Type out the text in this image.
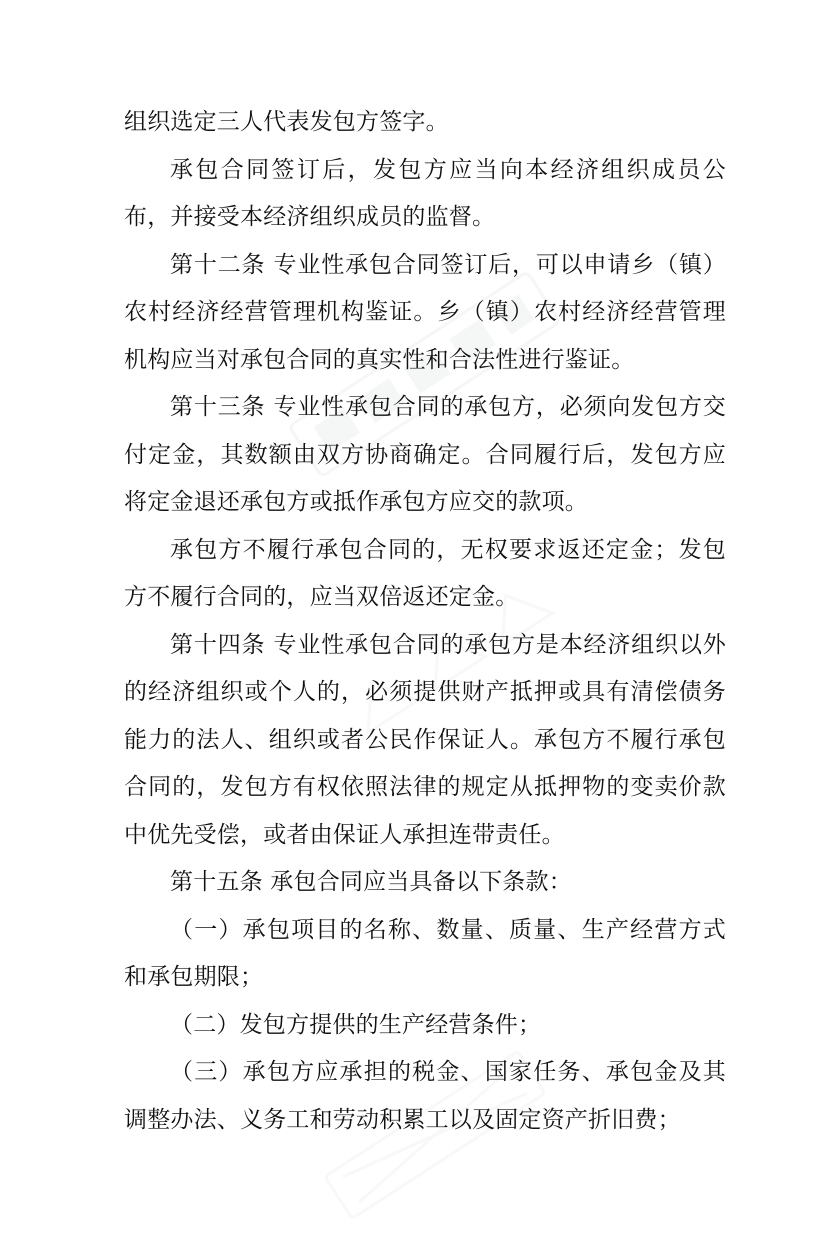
组织选定三人代表发包方签字。

承包合同签订后，发包方应当向本经济组织成员公布，并接受本经济组织成员的监督。

第十二条 专业性承包合同签订后，可以申请乡（镇）农村经济经营管理机构鉴证。乡（镇）农村经济经营管理机构应当对承包合同的真实性和合法性进行鉴证。

第十三条 专业性承包合同的承包方，必须向发包方交付定金，其数额由双方协商确定。合同履行后，发包方应将定金退还承包方或抵作承包方应交的款项。

承包方不履行承包合同的，无权要求返还定金；发包方不履行合同的，应当双倍返还定金。

第十四条 专业性承包合同的承包方是本经济组织以外的经济组织或个人的，必须提供财产抵押或具有清偿债务能力的法人、组织或者公民作保证人。承包方不履行承包合同的，发包方有权依照法律的规定从抵押物的变卖价款中优先受偿，或者由保证人承担连带责任。

第十五条 承包合同应当具备以下条款：

（一）承包项目的名称、数量、质量、生产经营方式和承包期限；

（二）发包方提供的生产经营条件；

（三）承包方应承担的税金、国家任务、承包金及其调整办法、义务工和劳动积累工以及固定资产折旧费；
